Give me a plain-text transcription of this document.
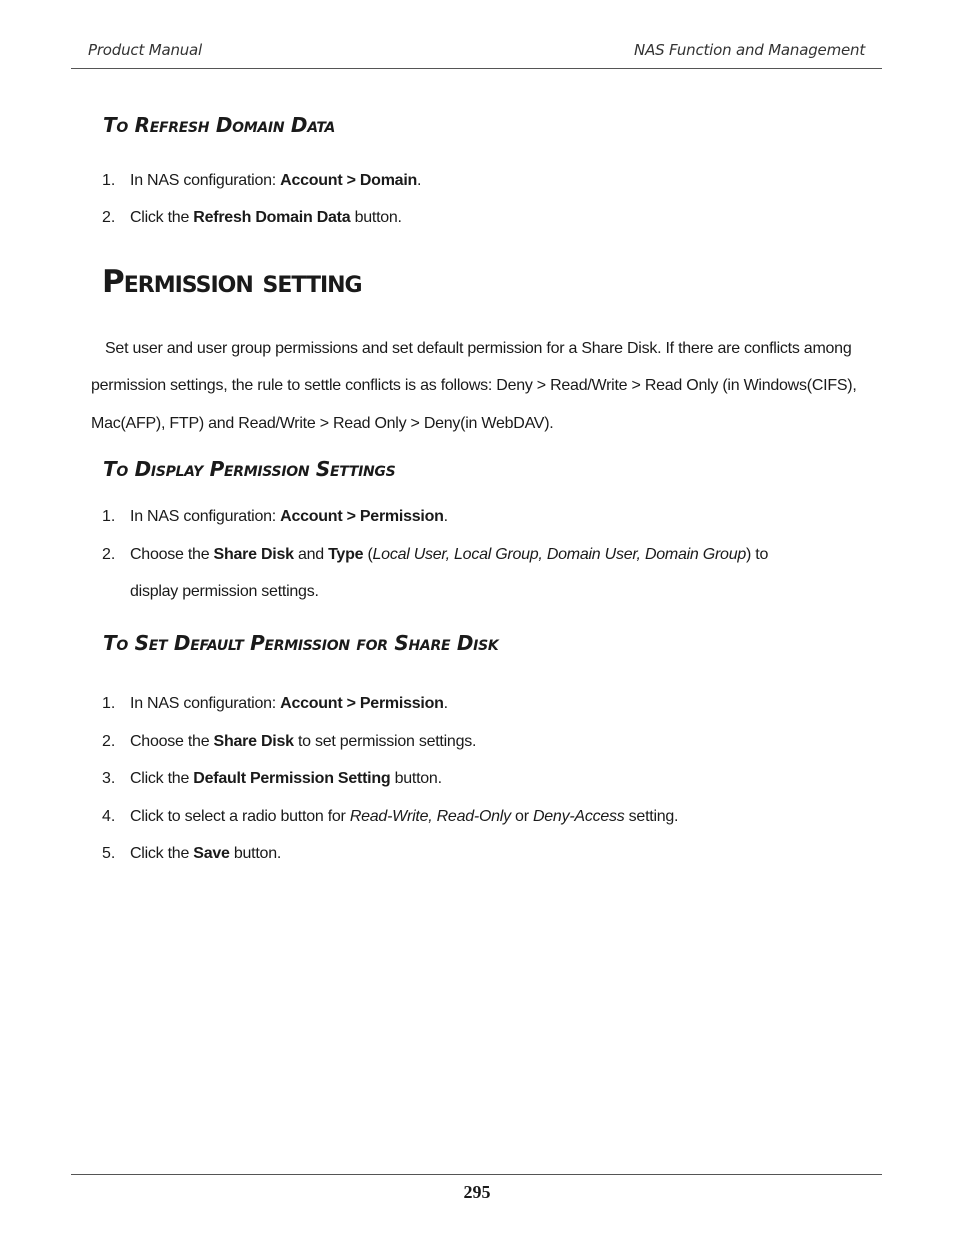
Product Manual	NAS Function and Management
To Refresh Domain Data
1. In NAS configuration: Account > Domain.
2. Click the Refresh Domain Data button.
Permission setting
Set user and user group permissions and set default permission for a Share Disk. If there are conflicts among
permission settings, the rule to settle conflicts is as follows: Deny > Read/Write > Read Only (in Windows(CIFS),
Mac(AFP), FTP) and Read/Write > Read Only > Deny(in WebDAV).
To Display Permission Settings
1. In NAS configuration: Account > Permission.
2. Choose the Share Disk and Type (Local User, Local Group, Domain User, Domain Group) to
display permission settings.
To Set Default Permission for Share Disk
1. In NAS configuration: Account > Permission.
2. Choose the Share Disk to set permission settings.
3. Click the Default Permission Setting button.
4. Click to select a radio button for Read-Write, Read-Only or Deny-Access setting.
5. Click the Save button.
295
